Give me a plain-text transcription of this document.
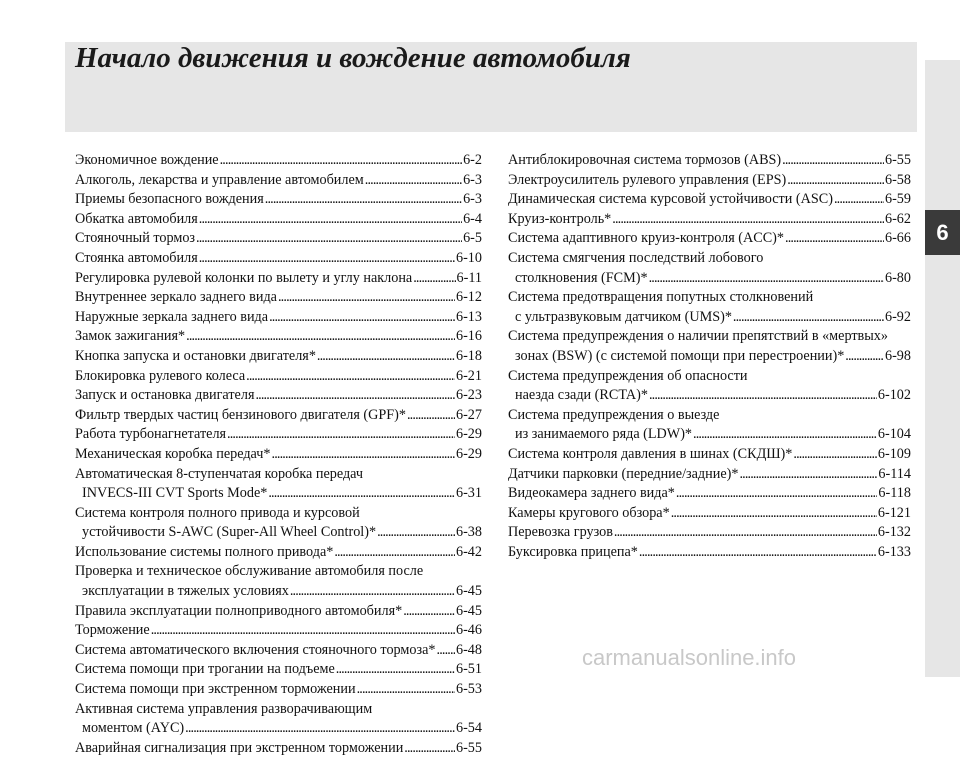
Начало движения и вождение автомобиля
6
Экономичное вождение . . .	6-2
Алкоголь, лекарства и управление автомобилем . . .	6-3
Приемы безопасного вождения . . .	6-3
Обкатка автомобиля . . .	6-4
Стояночный тормоз . . .	6-5
Стоянка автомобиля . . .	6-10
Регулировка рулевой колонки по вылету и углу наклона . . .	6-11
Внутреннее зеркало заднего вида . . .	6-12
Наружные зеркала заднего вида . . .	6-13
Замок зажигания* . . .	6-16
Кнопка запуска и остановки двигателя* . . .	6-18
Блокировка рулевого колеса . . .	6-21
Запуск и остановка двигателя . . .	6-23
Фильтр твердых частиц бензинового двигателя (GPF)* . . .	6-27
Работа турбонагнетателя . . .	6-29
Механическая коробка передач* . . .	6-29
Автоматическая 8-ступенчатая коробка передач
INVECS-III CVT Sports Mode* . . .	6-31
Система контроля полного привода и курсовой
устойчивости S-AWC (Super-All Wheel Control)* . . .	6-38
Использование системы полного привода* . . .	6-42
Проверка и техническое обслуживание автомобиля после
эксплуатации в тяжелых условиях . . .	6-45
Правила эксплуатации полноприводного автомобиля* . . .	6-45
Торможение . . .	6-46
Система автоматического включения стояночного тормоза* . . . 6-48
Система помощи при трогании на подъеме . . .	6-51
Система помощи при экстренном торможении . . .	6-53
Активная система управления разворачивающим
моментом (AYC) . . .	6-54
Аварийная сигнализация при экстренном торможении . . .	6-55
Антиблокировочная система тормозов (ABS) . . .	6-55
Электроусилитель рулевого управления (EPS) . . .	6-58
Динамическая система курсовой устойчивости (ASC) . . .	6-59
Круиз-контроль* . . .	6-62
Система адаптивного круиз-контроля (ACC)* . . .	6-66
Система смягчения последствий лобового
столкновения (FCM)* . . .	6-80
Система предотвращения попутных столкновений
с ультразвуковым датчиком (UMS)* . . .	6-92
Система предупреждения о наличии препятствий в «мертвых»
зонах (BSW) (с системой помощи при перестроении)* . . .	6-98
Система предупреждения об опасности
наезда сзади (RCTA)* . . .	6-102
Система предупреждения о выезде
из занимаемого ряда (LDW)* . . .	6-104
Система контроля давления в шинах (СКДШ)* . . .	6-109
Датчики парковки (передние/задние)* . . .	6-114
Видеокамера заднего вида* . . .	6-118
Камеры кругового обзора* . . .	6-121
Перевозка грузов . . .	6-132
Буксировка прицепа* . . .	6-133
carmanualsonline.info
